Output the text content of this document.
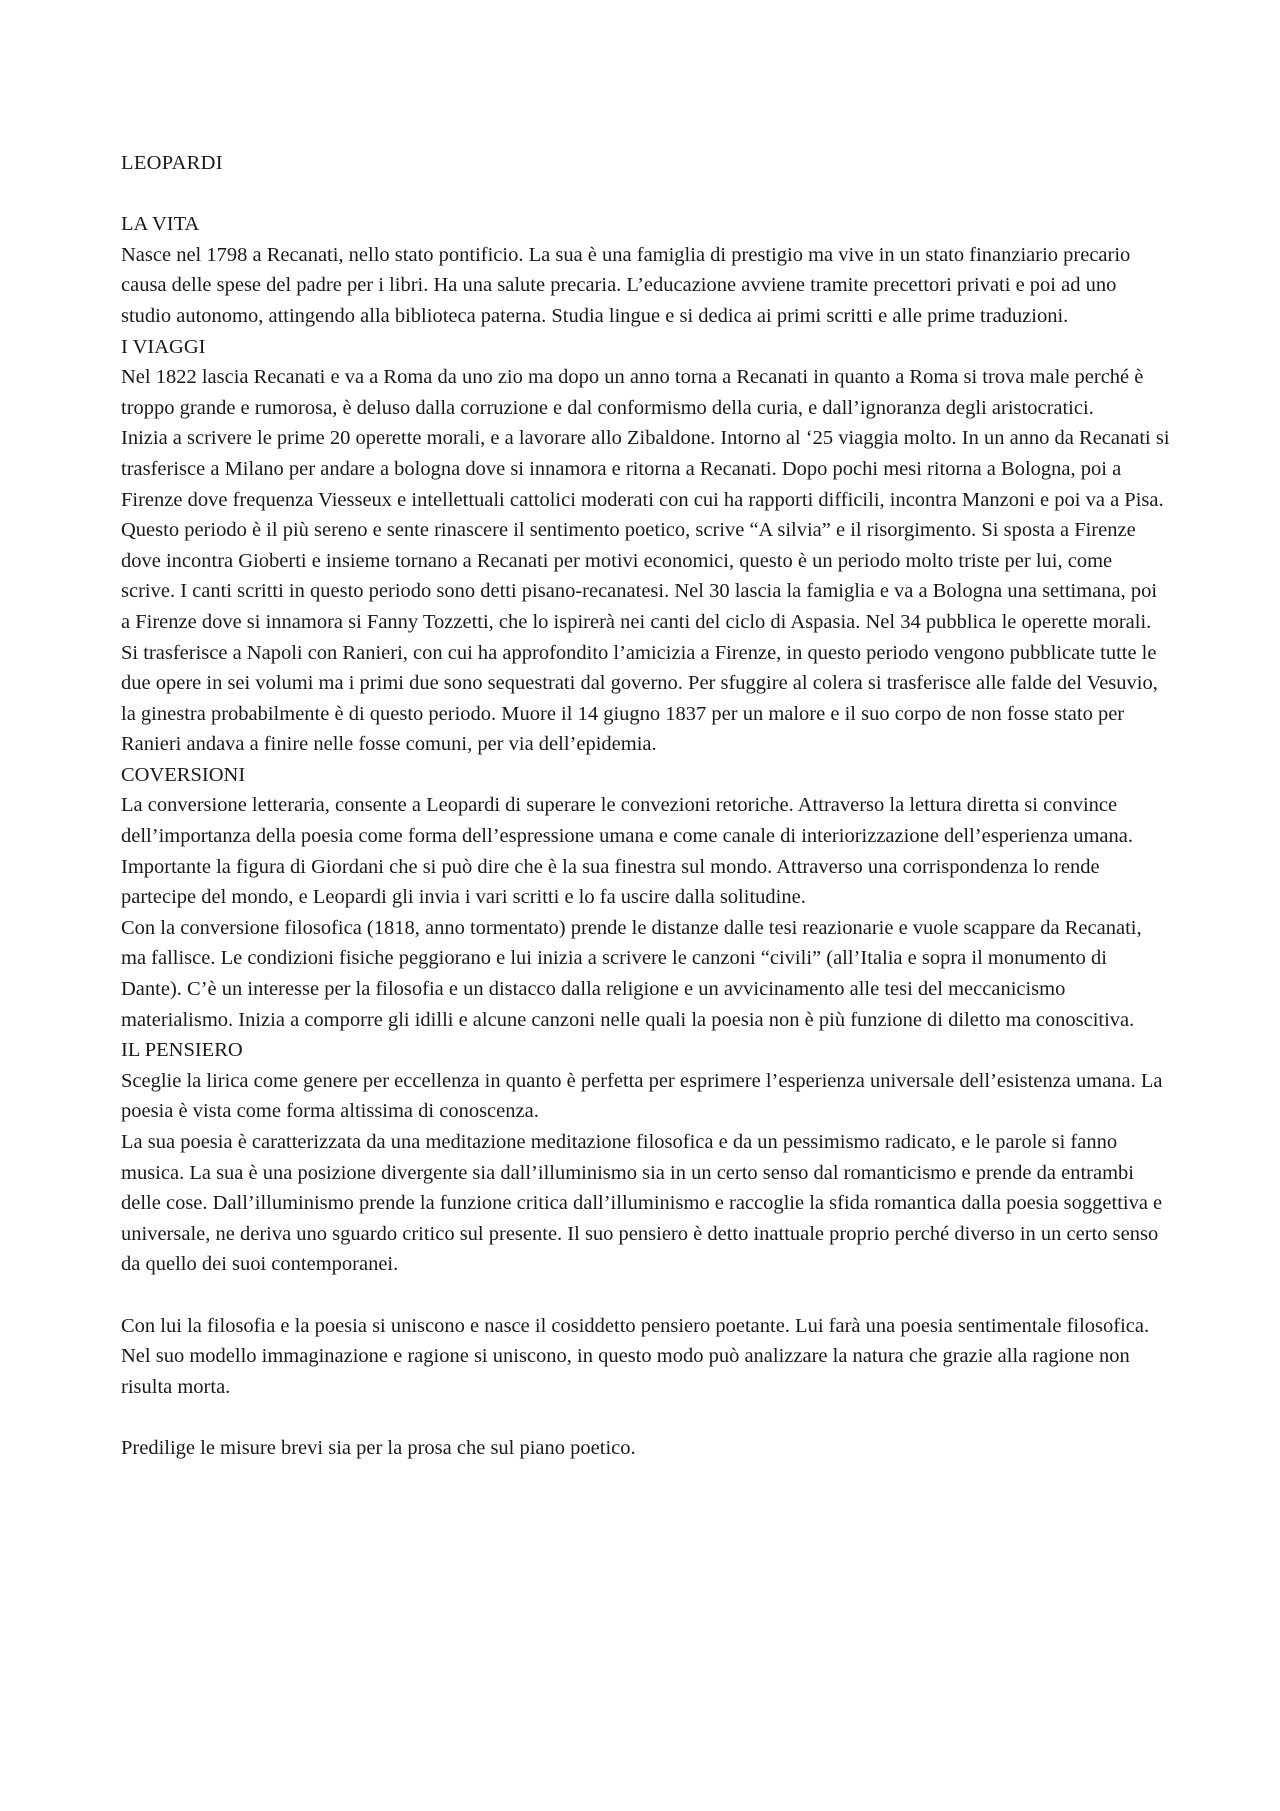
LEOPARDI
LA VITA

Nasce nel 1798 a Recanati, nello stato pontificio. La sua è una famiglia di prestigio ma vive in un stato finanziario precario causa delle spese del padre per i libri. Ha una salute precaria. L’educazione avviene tramite precettori privati e poi ad uno studio autonomo, attingendo alla biblioteca paterna. Studia lingue e si dedica ai primi scritti e alle prime traduzioni.

I VIAGGI

Nel 1822 lascia Recanati e va a Roma da uno zio ma dopo un anno torna a Recanati in quanto a Roma si trova male perché è troppo grande e rumorosa, è deluso dalla corruzione e dal conformismo della curia, e dall’ignoranza degli aristocratici.

Inizia a scrivere le prime 20 operette morali, e a lavorare allo Zibaldone. Intorno al ‘25 viaggia molto. In un anno da Recanati si trasferisce a Milano per andare a bologna dove si innamora e ritorna a Recanati. Dopo pochi mesi ritorna a Bologna, poi a Firenze dove frequenza Viesseux e intellettuali cattolici moderati con cui ha rapporti difficili, incontra Manzoni e poi va a Pisa. Questo periodo è il più sereno e sente rinascere il sentimento poetico, scrive “A silvia” e il risorgimento. Si sposta a Firenze dove incontra Gioberti e insieme tornano a Recanati per motivi economici, questo è un periodo molto triste per lui, come scrive. I canti scritti in questo periodo sono detti pisano-recanatesi. Nel 30 lascia la famiglia e va a Bologna una settimana, poi a Firenze dove si innamora si Fanny Tozzetti, che lo ispirerà nei canti del ciclo di Aspasia. Nel 34 pubblica le operette morali. Si trasferisce a Napoli con Ranieri, con cui ha approfondito l’amicizia a Firenze, in questo periodo vengono pubblicate tutte le due opere in sei volumi ma i primi due sono sequestrati dal governo. Per sfuggire al colera si trasferisce alle falde del Vesuvio, la ginestra probabilmente è di questo periodo. Muore il 14 giugno 1837 per un malore e il suo corpo de non fosse stato per Ranieri andava a finire nelle fosse comuni, per via dell’epidemia.

COVERSIONI

La conversione letteraria, consente a Leopardi di superare le convezioni retoriche. Attraverso la lettura diretta si convince dell’importanza della poesia come forma dell’espressione umana e come canale di interiorizzazione dell’esperienza umana.

Importante la figura di Giordani che si può dire che è la sua finestra sul mondo. Attraverso una corrispondenza lo rende partecipe del mondo, e Leopardi gli invia i vari scritti e lo fa uscire dalla solitudine.

Con la conversione filosofica (1818, anno tormentato) prende le distanze dalle tesi reazionarie e vuole scappare da Recanati, ma fallisce. Le condizioni fisiche peggiorano e lui inizia a scrivere le canzoni “civili” (all’Italia e sopra il monumento di Dante). C’è un interesse per la filosofia e un distacco dalla religione e un avvicinamento alle tesi del meccanicismo materialismo. Inizia a comporre gli idilli e alcune canzoni nelle quali la poesia non è più funzione di diletto ma conoscitiva.

IL PENSIERO

Sceglie la lirica come genere per eccellenza in quanto è perfetta per esprimere l’esperienza universale dell’esistenza umana. La poesia è vista come forma altissima di conoscenza.

La sua poesia è caratterizzata da una meditazione meditazione filosofica e da un pessimismo radicato, e le parole si fanno musica. La sua è una posizione divergente sia dall’illuminismo sia in un certo senso dal romanticismo e prende da entrambi delle cose. Dall’illuminismo prende la funzione critica dall’illuminismo e raccoglie la sfida romantica dalla poesia soggettiva e universale, ne deriva uno sguardo critico sul presente. Il suo pensiero è detto inattuale proprio perché diverso in un certo senso da quello dei suoi contemporanei.

Con lui la filosofia e la poesia si uniscono e nasce il cosiddetto pensiero poetante. Lui farà una poesia sentimentale filosofica. Nel suo modello immaginazione e ragione si uniscono, in questo modo può analizzare la natura che grazie alla ragione non risulta morta.

Predilige le misure brevi sia per la prosa che sul piano poetico.
